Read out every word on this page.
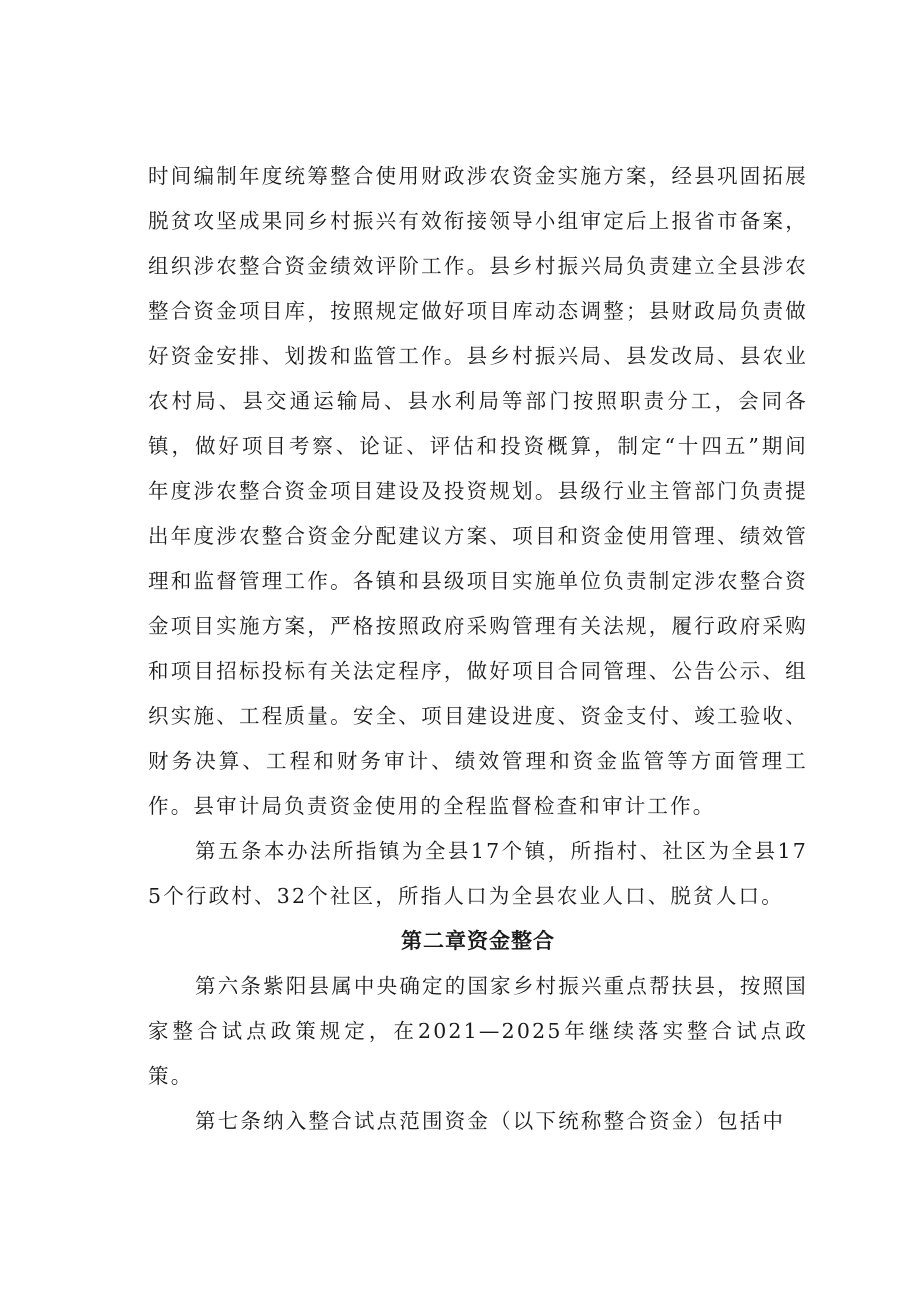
时间编制年度统筹整合使用财政涉农资金实施方案，经县巩固拓展脱贫攻坚成果同乡村振兴有效衔接领导小组审定后上报省市备案，组织涉农整合资金绩效评阶工作。县乡村振兴局负责建立全县涉农整合资金项目库，按照规定做好项目库动态调整；县财政局负责做好资金安排、划拨和监管工作。县乡村振兴局、县发改局、县农业农村局、县交通运输局、县水利局等部门按照职责分工，会同各镇，做好项目考察、论证、评估和投资概算，制定“十四五”期间年度涉农整合资金项目建设及投资规划。县级行业主管部门负责提出年度涉农整合资金分配建议方案、项目和资金使用管理、绩效管理和监督管理工作。各镇和县级项目实施单位负责制定涉农整合资金项目实施方案，严格按照政府采购管理有关法规，履行政府采购和项目招标投标有关法定程序，做好项目合同管理、公告公示、组织实施、工程质量。安全、项目建设进度、资金支付、竣工验收、财务决算、工程和财务审计、绩效管理和资金监管等方面管理工作。县审计局负责资金使用的全程监督检查和审计工作。

第五条本办法所指镇为全县17个镇，所指村、社区为全县175个行政村、32个社区，所指人口为全县农业人口、脱贫人口。

第二章资金整合

第六条紫阳县属中央确定的国家乡村振兴重点帮扶县，按照国家整合试点政策规定，在2021—2025年继续落实整合试点政策。

第七条纳入整合试点范围资金（以下统称整合资金）包括中
